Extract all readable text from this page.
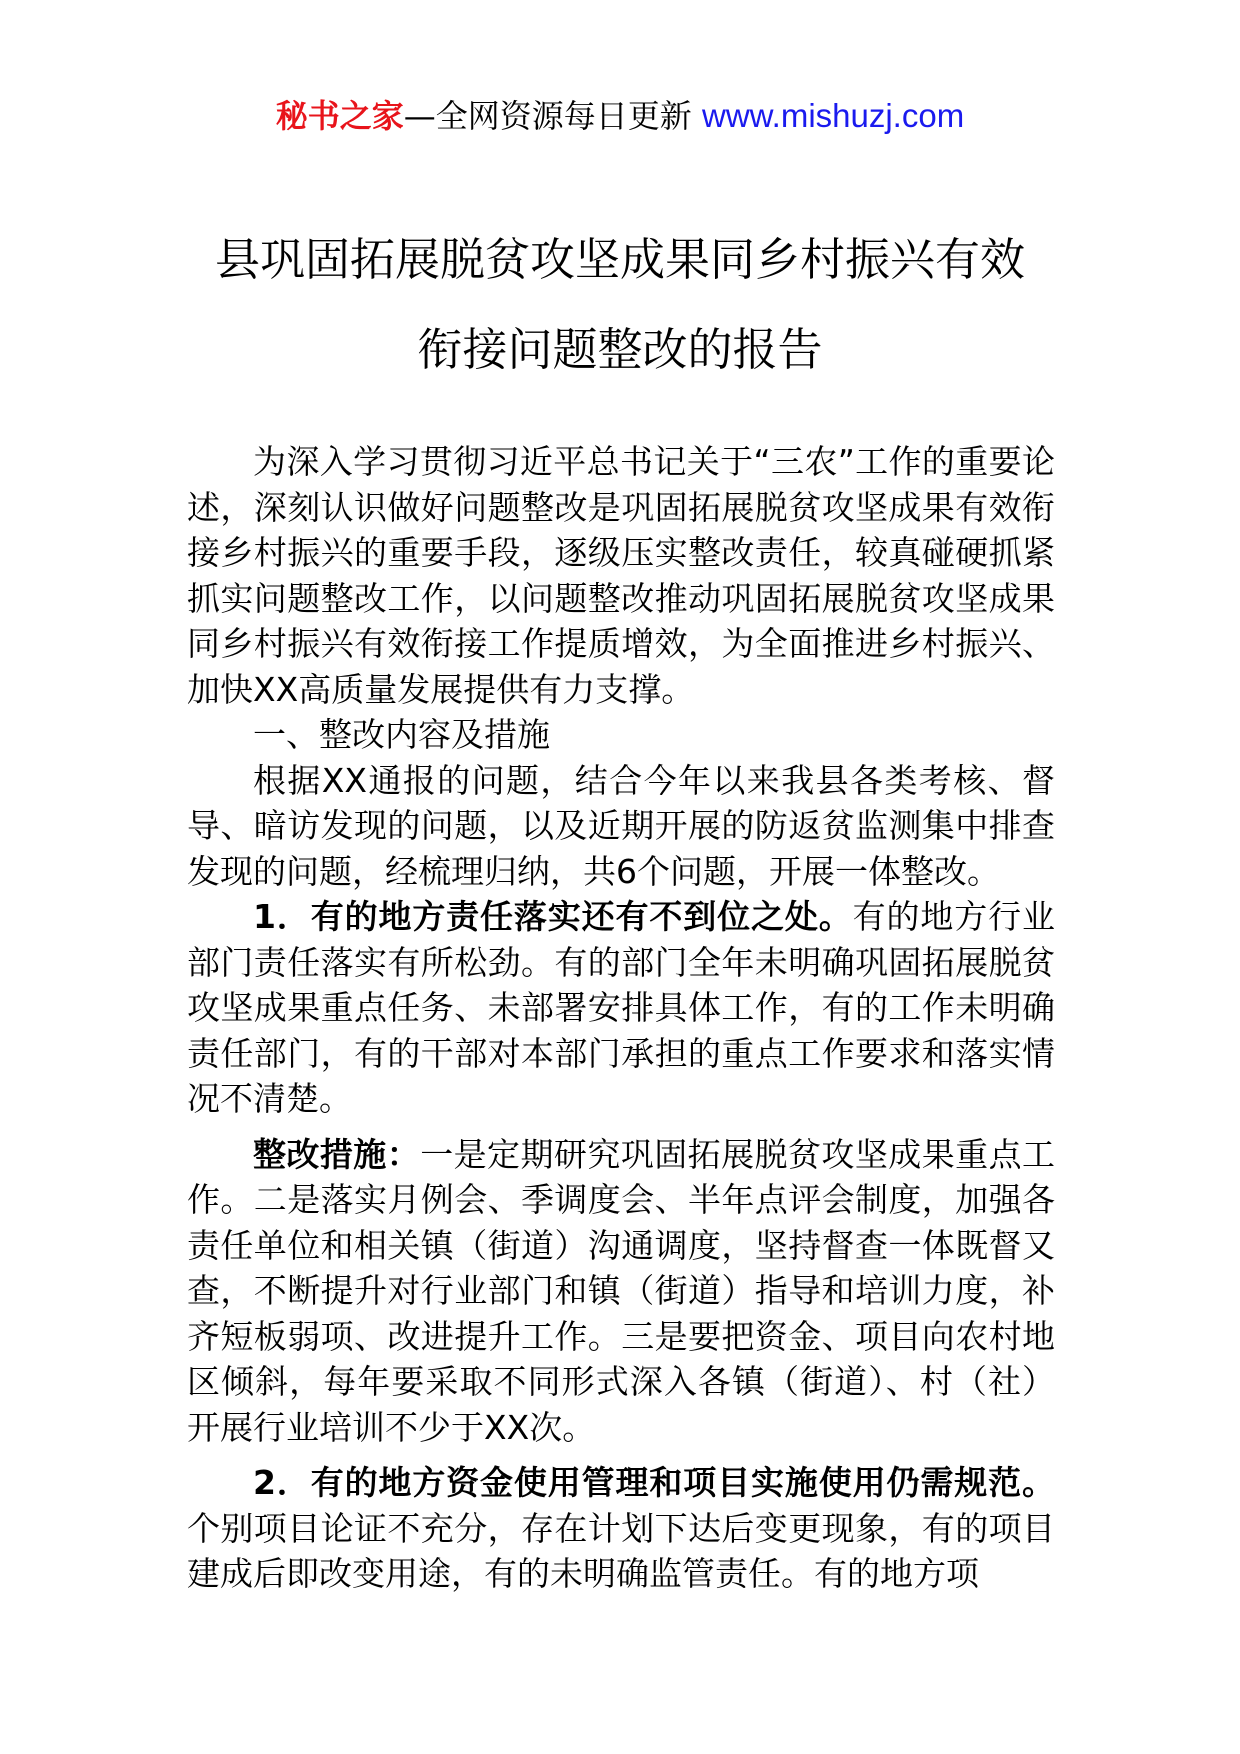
秘书之家—全网资源每日更新 www.mishuzj.com
县巩固拓展脱贫攻坚成果同乡村振兴有效
衔接问题整改的报告

为深入学习贯彻习近平总书记关于“三农”工作的重要论述，深刻认识做好问题整改是巩固拓展脱贫攻坚成果有效衔接乡村振兴的重要手段，逐级压实整改责任，较真碰硬抓紧抓实问题整改工作，以问题整改推动巩固拓展脱贫攻坚成果同乡村振兴有效衔接工作提质增效，为全面推进乡村振兴、加快XX高质量发展提供有力支撑。

一、整改内容及措施

根据XX通报的问题，结合今年以来我县各类考核、督导、暗访发现的问题，以及近期开展的防返贫监测集中排查发现的问题，经梳理归纳，共6个问题，开展一体整改。

1．有的地方责任落实还有不到位之处。有的地方行业部门责任落实有所松劲。有的部门全年未明确巩固拓展脱贫攻坚成果重点任务、未部署安排具体工作，有的工作未明确责任部门，有的干部对本部门承担的重点工作要求和落实情况不清楚。

整改措施：一是定期研究巩固拓展脱贫攻坚成果重点工作。二是落实月例会、季调度会、半年点评会制度，加强各责任单位和相关镇（街道）沟通调度，坚持督查一体既督又查，不断提升对行业部门和镇（街道）指导和培训力度，补齐短板弱项、改进提升工作。三是要把资金、项目向农村地区倾斜，每年要采取不同形式深入各镇（街道）、村（社）开展行业培训不少于XX次。

2．有的地方资金使用管理和项目实施使用仍需规范。个别项目论证不充分，存在计划下达后变更现象，有的项目建成后即改变用途，有的未明确监管责任。有的地方项
